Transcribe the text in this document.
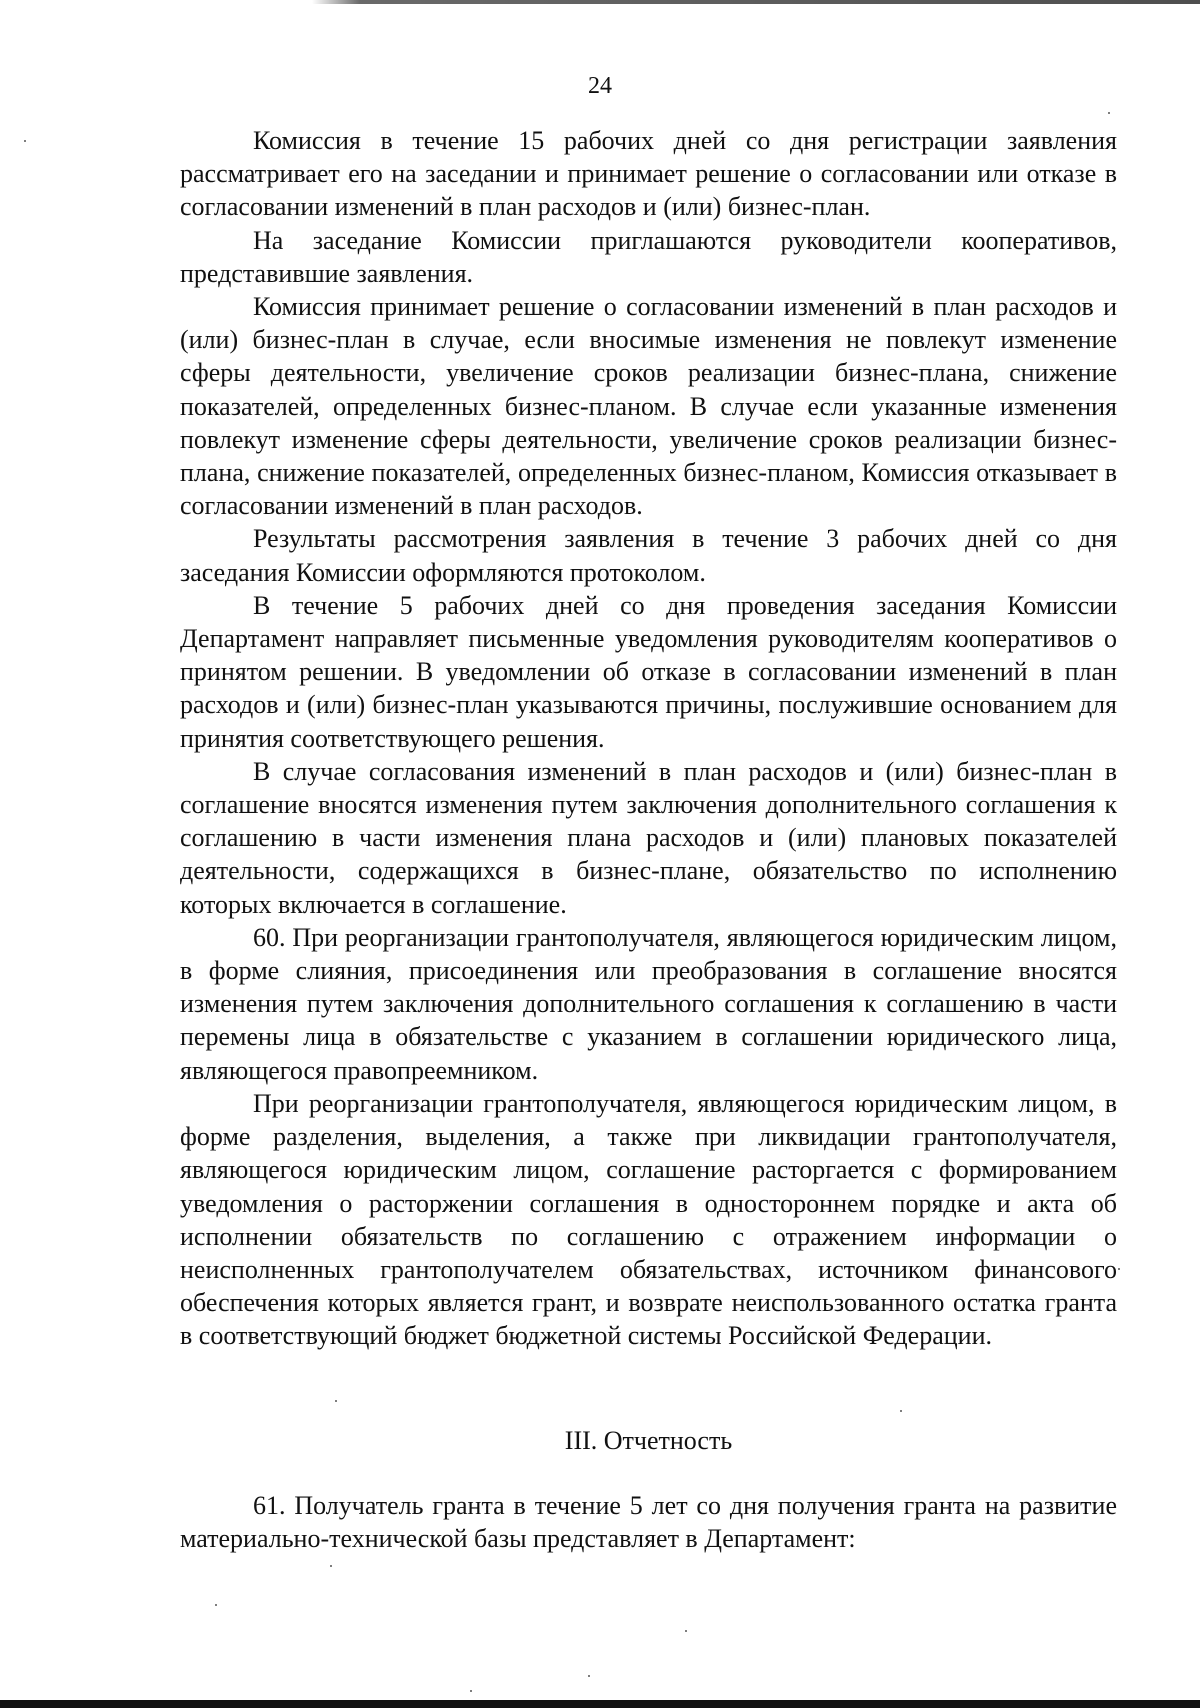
24

Комиссия в течение 15 рабочих дней со дня регистрации заявления рассматривает его на заседании и принимает решение о согласовании или отказе в согласовании изменений в план расходов и (или) бизнес-план.

На заседание Комиссии приглашаются руководители кооперативов, представившие заявления.

Комиссия принимает решение о согласовании изменений в план расходов и (или) бизнес-план в случае, если вносимые изменения не повлекут изменение сферы деятельности, увеличение сроков реализации бизнес-плана, снижение показателей, определенных бизнес-планом. В случае если указанные изменения повлекут изменение сферы деятельности, увеличение сроков реализации бизнес-плана, снижение показателей, определенных бизнес-планом, Комиссия отказывает в согласовании изменений в план расходов.

Результаты рассмотрения заявления в течение 3 рабочих дней со дня заседания Комиссии оформляются протоколом.

В течение 5 рабочих дней со дня проведения заседания Комиссии Департамент направляет письменные уведомления руководителям кооперативов о принятом решении. В уведомлении об отказе в согласовании изменений в план расходов и (или) бизнес-план указываются причины, послужившие основанием для принятия соответствующего решения.

В случае согласования изменений в план расходов и (или) бизнес-план в соглашение вносятся изменения путем заключения дополнительного соглашения к соглашению в части изменения плана расходов и (или) плановых показателей деятельности, содержащихся в бизнес-плане, обязательство по исполнению которых включается в соглашение.

60. При реорганизации грантополучателя, являющегося юридическим лицом, в форме слияния, присоединения или преобразования в соглашение вносятся изменения путем заключения дополнительного соглашения к соглашению в части перемены лица в обязательстве с указанием в соглашении юридического лица, являющегося правопреемником.

При реорганизации грантополучателя, являющегося юридическим лицом, в форме разделения, выделения, а также при ликвидации грантополучателя, являющегося юридическим лицом, соглашение расторгается с формированием уведомления о расторжении соглашения в одностороннем порядке и акта об исполнении обязательств по соглашению с отражением информации о неисполненных грантополучателем обязательствах, источником финансового обеспечения которых является грант, и возврате неиспользованного остатка гранта в соответствующий бюджет бюджетной системы Российской Федерации.

III. Отчетность

61. Получатель гранта в течение 5 лет со дня получения гранта на развитие материально-технической базы представляет в Департамент:
